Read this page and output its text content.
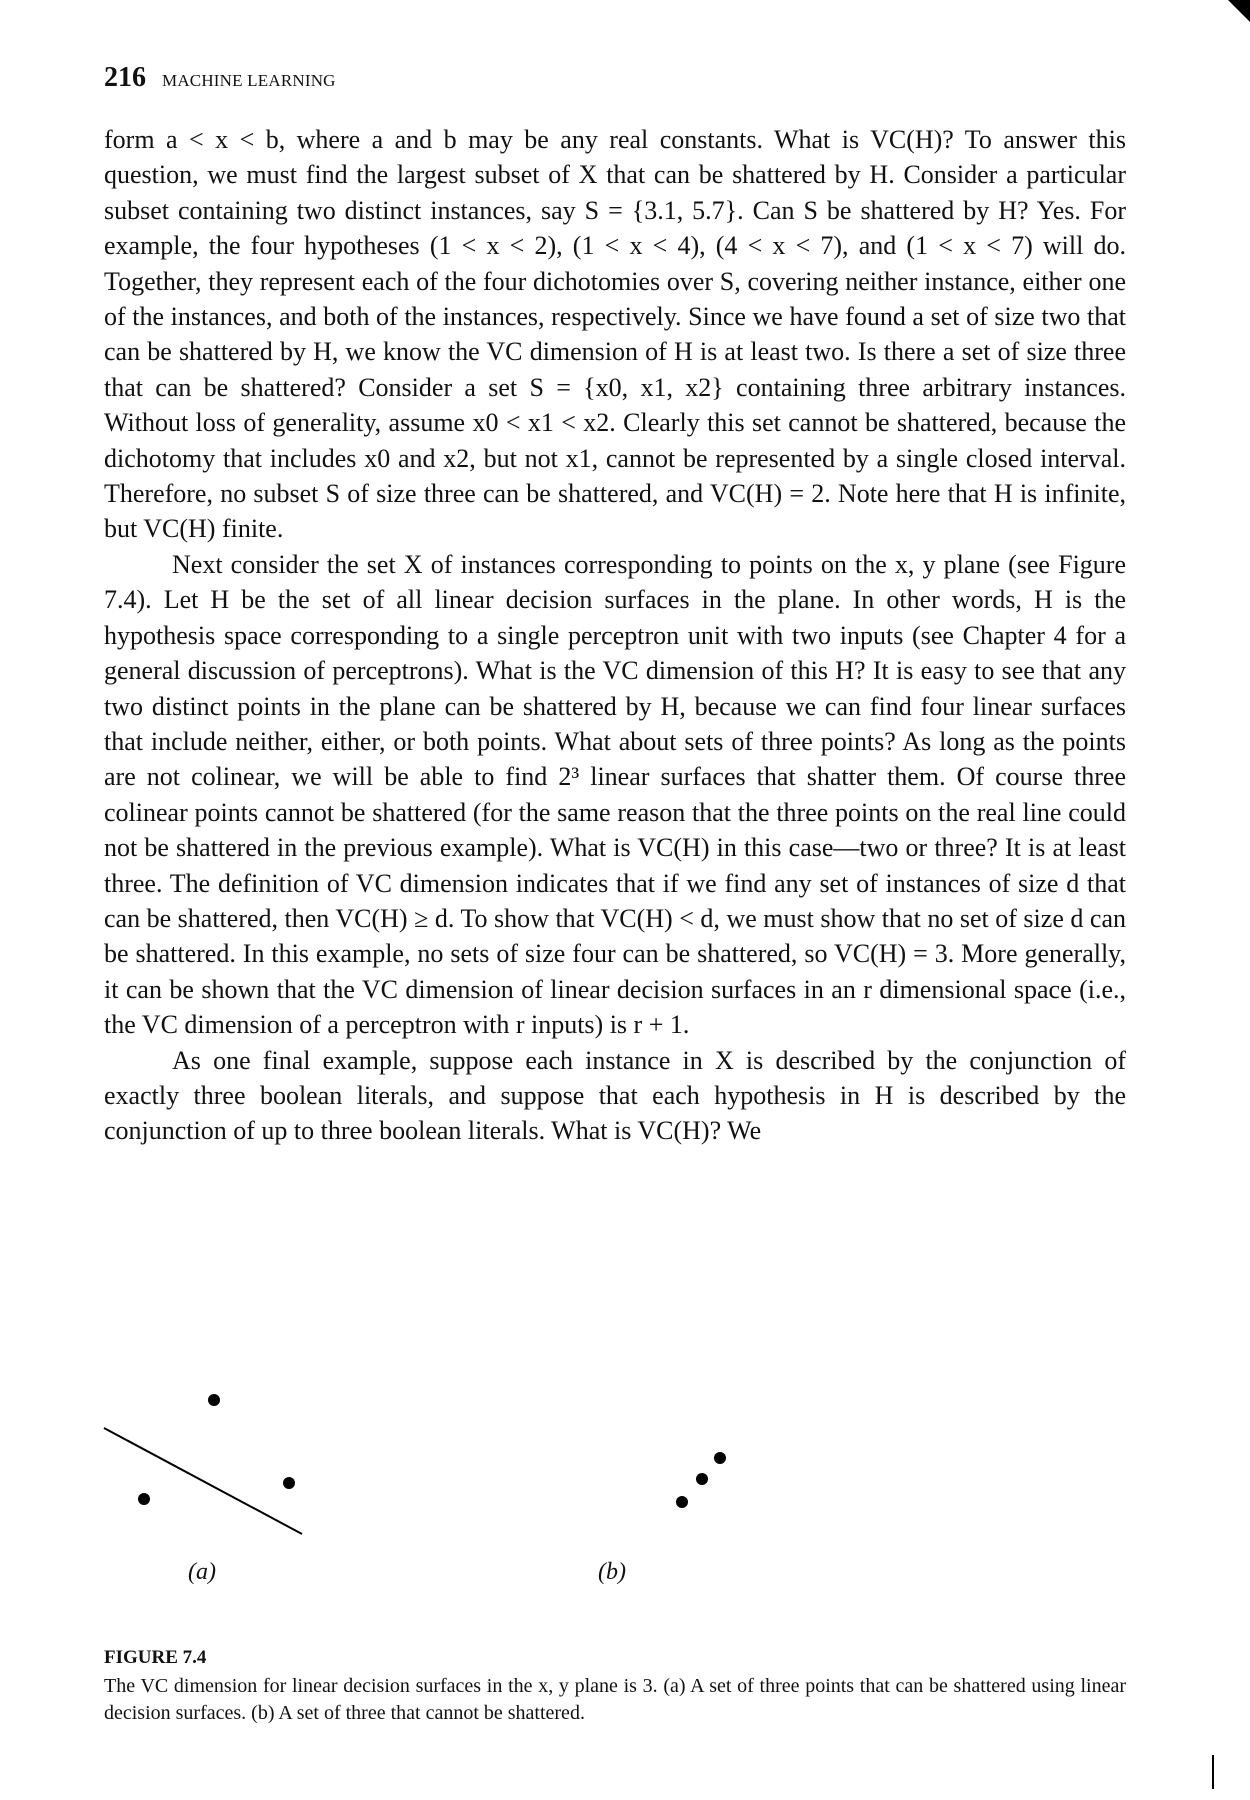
216 MACHINE LEARNING

form a < x < b, where a and b may be any real constants. What is VC(H)? To answer this question, we must find the largest subset of X that can be shattered by H. Consider a particular subset containing two distinct instances, say S = {3.1, 5.7}. Can S be shattered by H? Yes. For example, the four hypotheses (1 < x < 2), (1 < x < 4), (4 < x < 7), and (1 < x < 7) will do. Together, they represent each of the four dichotomies over S, covering neither instance, either one of the instances, and both of the instances, respectively. Since we have found a set of size two that can be shattered by H, we know the VC dimension of H is at least two. Is there a set of size three that can be shattered? Consider a set S = {x0, x1, x2} containing three arbitrary instances. Without loss of generality, assume x0 < x1 < x2. Clearly this set cannot be shattered, because the dichotomy that includes x0 and x2, but not x1, cannot be represented by a single closed interval. Therefore, no subset S of size three can be shattered, and VC(H) = 2. Note here that H is infinite, but VC(H) finite.

Next consider the set X of instances corresponding to points on the x, y plane (see Figure 7.4). Let H be the set of all linear decision surfaces in the plane. In other words, H is the hypothesis space corresponding to a single perceptron unit with two inputs (see Chapter 4 for a general discussion of perceptrons). What is the VC dimension of this H? It is easy to see that any two distinct points in the plane can be shattered by H, because we can find four linear surfaces that include neither, either, or both points. What about sets of three points? As long as the points are not colinear, we will be able to find 2³ linear surfaces that shatter them. Of course three colinear points cannot be shattered (for the same reason that the three points on the real line could not be shattered in the previous example). What is VC(H) in this case—two or three? It is at least three. The definition of VC dimension indicates that if we find any set of instances of size d that can be shattered, then VC(H) ≥ d. To show that VC(H) < d, we must show that no set of size d can be shattered. In this example, no sets of size four can be shattered, so VC(H) = 3. More generally, it can be shown that the VC dimension of linear decision surfaces in an r dimensional space (i.e., the VC dimension of a perceptron with r inputs) is r + 1.

As one final example, suppose each instance in X is described by the conjunction of exactly three boolean literals, and suppose that each hypothesis in H is described by the conjunction of up to three boolean literals. What is VC(H)? We

(a)	(b)
FIGURE 7.4
The VC dimension for linear decision surfaces in the x, y plane is 3. (a) A set of three points that can be shattered using linear decision surfaces. (b) A set of three that cannot be shattered.
